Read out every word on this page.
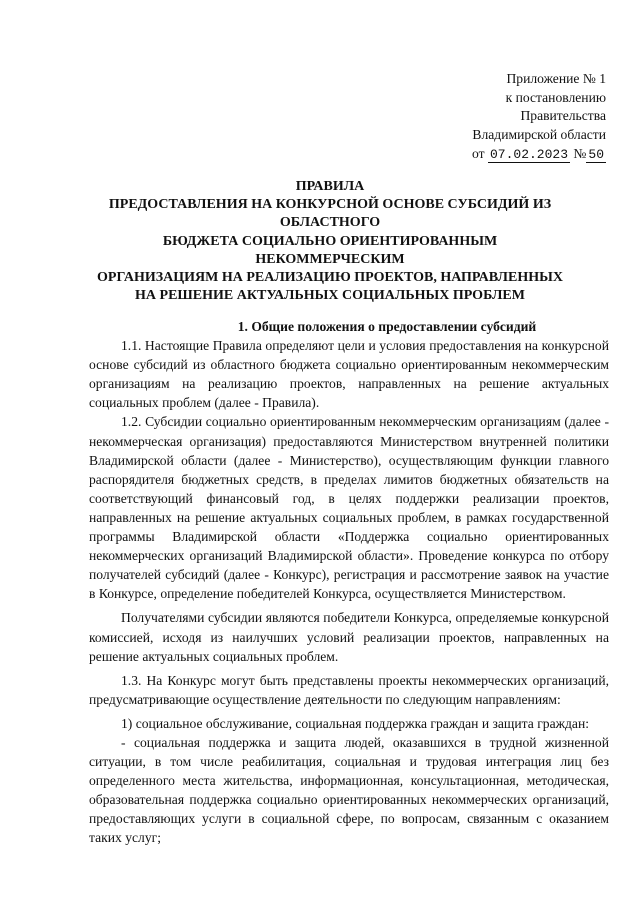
Приложение № 1
к постановлению
Правительства
Владимирской области
от 07.02.2023 № 50
ПРАВИЛА
ПРЕДОСТАВЛЕНИЯ НА КОНКУРСНОЙ ОСНОВЕ СУБСИДИЙ ИЗ
ОБЛАСТНОГО
БЮДЖЕТА СОЦИАЛЬНО ОРИЕНТИРОВАННЫМ
НЕКОММЕРЧЕСКИМ
ОРГАНИЗАЦИЯМ НА РЕАЛИЗАЦИЮ ПРОЕКТОВ, НАПРАВЛЕННЫХ
НА РЕШЕНИЕ АКТУАЛЬНЫХ СОЦИАЛЬНЫХ ПРОБЛЕМ
1. Общие положения о предоставлении субсидий

1.1. Настоящие Правила определяют цели и условия предоставления на конкурсной основе субсидий из областного бюджета социально ориентированным некоммерческим организациям на реализацию проектов, направленных на решение актуальных социальных проблем (далее - Правила).

1.2. Субсидии социально ориентированным некоммерческим организациям (далее - некоммерческая организация) предоставляются Министерством внутренней политики Владимирской области (далее - Министерство), осуществляющим функции главного распорядителя бюджетных средств, в пределах лимитов бюджетных обязательств на соответствующий финансовый год, в целях поддержки реализации проектов, направленных на решение актуальных социальных проблем, в рамках государственной программы Владимирской области «Поддержка социально ориентированных некоммерческих организаций Владимирской области». Проведение конкурса по отбору получателей субсидий (далее - Конкурс), регистрация и рассмотрение заявок на участие в Конкурсе, определение победителей Конкурса, осуществляется Министерством.

Получателями субсидии являются победители Конкурса, определяемые конкурсной комиссией, исходя из наилучших условий реализации проектов, направленных на решение актуальных социальных проблем.

1.3. На Конкурс могут быть представлены проекты некоммерческих организаций, предусматривающие осуществление деятельности по следующим направлениям:

1) социальное обслуживание, социальная поддержка граждан и защита граждан:

- социальная поддержка и защита людей, оказавшихся в трудной жизненной ситуации, в том числе реабилитация, социальная и трудовая интеграция лиц без определенного места жительства, информационная, консультационная, методическая, образовательная поддержка социально ориентированных некоммерческих организаций, предоставляющих услуги в социальной сфере, по вопросам, связанным с оказанием таких услуг;
